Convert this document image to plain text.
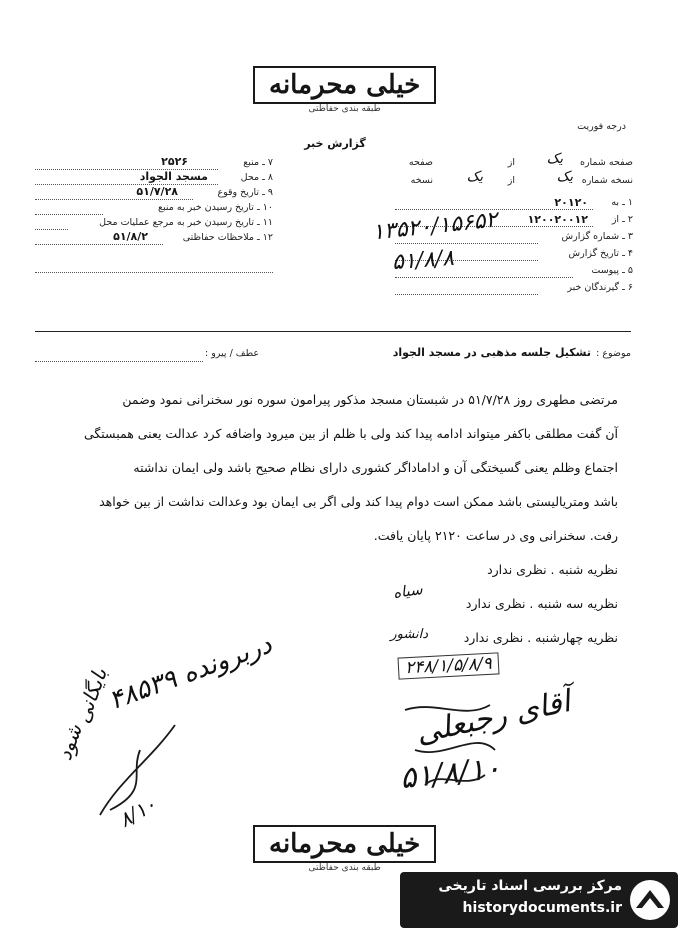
خیلی محرمانه
طبقه بندی حفاظتی
درجه فوریت
گزارش خبر
صفحه شماره
یک
از
صفحه
نسخه شماره
یک
از
یک
نسخه
۱ ـ به
۲۰۱۲۰
۲ ـ از
۱۲۰۰۲۰۰۱۲
۳ ـ شماره گزارش
۴ ـ تاریخ گزارش
۵ ـ پیوست
۶ ـ گیرندگان خبر
۷ ـ منبع
۲۵۲۶
۸ ـ محل
مسجد الجواد
۹ ـ تاریخ وقوع
۵۱/۷/۲۸
۱۰ ـ تاریخ رسیدن خبر به منبع
۱۱ ـ تاریخ رسیدن خبر به مرجع عملیات محل
۱۲ ـ ملاحظات حفاظتی
۵۱/۸/۲	۱۳۵۲۰/۱۵۶۵۲
۵۱/۸/۸
موضوع :
تشکیل جلسه مذهبی در مسجد الجواد
عطف / پیرو :
مرتضی مطهری روز ۵۱/۷/۲۸ در شبستان مسجد مذکور پیرامون سوره نور سخنرانی نمود وضمن
آن گفت مطلقی باکفر میتواند ادامه پیدا کند ولی با ظلم از بین میرود واضافه کرد عدالت یعنی همبستگی
اجتماع وظلم یعنی گسیختگی آن و اداماداگر کشوری دارای نظام صحیح باشد ولی ایمان نداشته
باشد ومتریالیستی باشد ممکن است دوام پیدا کند ولی اگر بی ایمان بود وعدالت نداشت از بین خواهد
رفت. سخنرانی وی در ساعت ۲۱۲۰ پایان یافت.
نظریه شنبه . نظری ندارد
نظریه سه شنبه . نظری ندارد
سیاه
نظریه چهارشنبه . نظری ندارد
دانشور
۲۴۸/۱/۵/۸/۹
آقای رجبعلی
۵۱/۸/۱۰
۴۸۵۳۹ دربرونده
بایگانی
شود
۸/۱۰
خیلی محرمانه
طبقه بندی حفاظتی
مرکز بررسی اسناد تاریخی
historydocuments.ir
